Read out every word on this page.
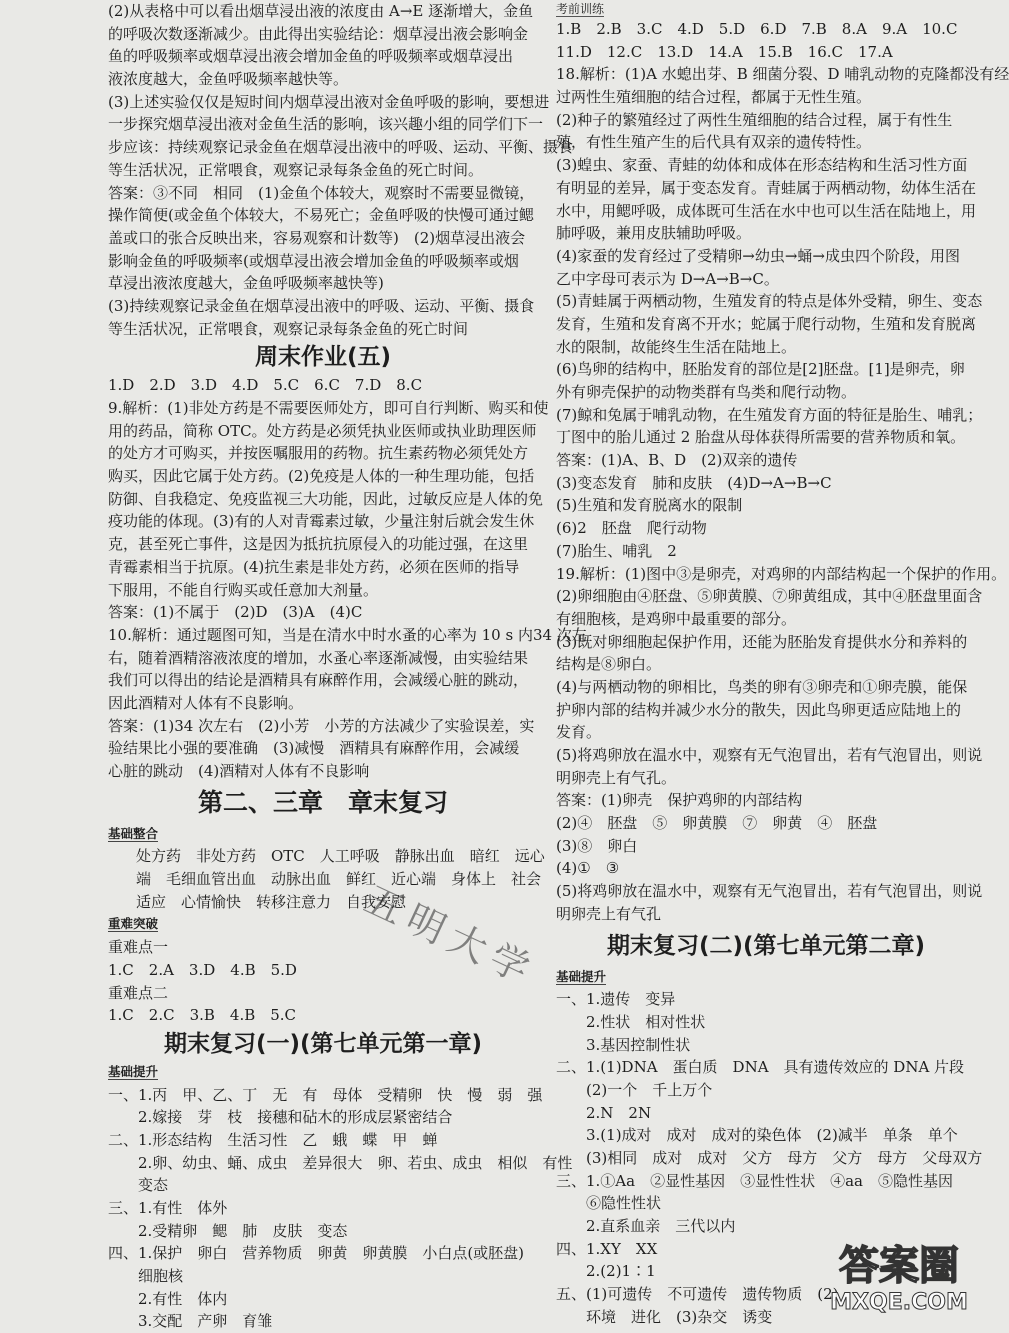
(2)从表格中可以看出烟草浸出液的浓度由 A→E 逐渐增大，金鱼
的呼吸次数逐渐减少。由此得出实验结论：烟草浸出液会影响金
鱼的呼吸频率或烟草浸出液会增加金鱼的呼吸频率或烟草浸出
液浓度越大，金鱼呼吸频率越快等。
(3)上述实验仅仅是短时间内烟草浸出液对金鱼呼吸的影响，要想进
一步探究烟草浸出液对金鱼生活的影响，该兴趣小组的同学们下一
步应该：持续观察记录金鱼在烟草浸出液中的呼吸、运动、平衡、摄食
等生活状况，正常喂食，观察记录每条金鱼的死亡时间。
答案：③不同　相同　(1)金鱼个体较大，观察时不需要显微镜，
操作简便(或金鱼个体较大，不易死亡；金鱼呼吸的快慢可通过鳃
盖或口的张合反映出来，容易观察和计数等)　(2)烟草浸出液会
影响金鱼的呼吸频率(或烟草浸出液会增加金鱼的呼吸频率或烟
草浸出液浓度越大，金鱼呼吸频率越快等)
(3)持续观察记录金鱼在烟草浸出液中的呼吸、运动、平衡、摄食
等生活状况，正常喂食，观察记录每条金鱼的死亡时间
周末作业(五)
1.D　2.D　3.D　4.D　5.C　6.C　7.D　8.C
9.解析：(1)非处方药是不需要医师处方，即可自行判断、购买和使
用的药品，简称 OTC。处方药是必须凭执业医师或执业助理医师
的处方才可购买，并按医嘱服用的药物。抗生素药物必须凭处方
购买，因此它属于处方药。(2)免疫是人体的一种生理功能，包括
防御、自我稳定、免疫监视三大功能，因此，过敏反应是人体的免
疫功能的体现。(3)有的人对青霉素过敏，少量注射后就会发生休
克，甚至死亡事件，这是因为抵抗抗原侵入的功能过强，在这里
青霉素相当于抗原。(4)抗生素是非处方药，必须在医师的指导
下服用，不能自行购买或任意加大剂量。
答案：(1)不属于　(2)D　(3)A　(4)C
10.解析：通过题图可知，当是在清水中时水蚤的心率为 10 s 内34 次左
右，随着酒精溶液浓度的增加，水蚤心率逐渐减慢，由实验结果
我们可以得出的结论是酒精具有麻醉作用，会减缓心脏的跳动，
因此酒精对人体有不良影响。
答案：(1)34 次左右　(2)小芳　小芳的方法减少了实验误差，实
验结果比小强的要准确　(3)减慢　酒精具有麻醉作用，会减缓
心脏的跳动　(4)酒精对人体有不良影响
第二、三章　章末复习
基础整合
处方药　非处方药　OTC　人工呼吸　静脉出血　暗红　远心
端　毛细血管出血　动脉出血　鲜红　近心端　身体上　社会
适应　心情愉快　转移注意力　自我安慰
重难突破
重难点一
1.C　2.A　3.D　4.B　5.D
重难点二
1.C　2.C　3.B　4.B　5.C
期末复习(一)(第七单元第一章)
基础提升
一、1.丙　甲、乙、丁　无　有　母体　受精卵　快　慢　弱　强
　　2.嫁接　芽　枝　接穗和砧木的形成层紧密结合
二、1.形态结构　生活习性　乙　蛾　蝶　甲　蝉
　　2.卵、幼虫、蛹、成虫　差异很大　卵、若虫、成虫　相似　有性
　　变态
三、1.有性　体外
　　2.受精卵　鳃　肺　皮肤　变态
四、1.保护　卵白　营养物质　卵黄　卵黄膜　小白点(或胚盘)
　　细胞核
　　2.有性　体内
　　3.交配　产卵　育雏
五明大学
考前训练
1.B　2.B　3.C　4.D　5.D　6.D　7.B　8.A　9.A　10.C
11.D　12.C　13.D　14.A　15.B　16.C　17.A
18.解析：(1)A 水螅出芽、B 细菌分裂、D 哺乳动物的克隆都没有经
过两性生殖细胞的结合过程，都属于无性生殖。
(2)种子的繁殖经过了两性生殖细胞的结合过程，属于有性生
殖，有性生殖产生的后代具有双亲的遗传特性。
(3)蝗虫、家蚕、青蛙的幼体和成体在形态结构和生活习性方面
有明显的差异，属于变态发育。青蛙属于两栖动物，幼体生活在
水中，用鳃呼吸，成体既可生活在水中也可以生活在陆地上，用
肺呼吸，兼用皮肤辅助呼吸。
(4)家蚕的发育经过了受精卵→幼虫→蛹→成虫四个阶段，用图
乙中字母可表示为 D→A→B→C。
(5)青蛙属于两栖动物，生殖发育的特点是体外受精，卵生、变态
发育，生殖和发育离不开水；蛇属于爬行动物，生殖和发育脱离
水的限制，故能终生生活在陆地上。
(6)鸟卵的结构中，胚胎发育的部位是[2]胚盘。[1]是卵壳，卵
外有卵壳保护的动物类群有鸟类和爬行动物。
(7)鲸和兔属于哺乳动物，在生殖发育方面的特征是胎生、哺乳；
丁图中的胎儿通过 2 胎盘从母体获得所需要的营养物质和氧。
答案：(1)A、B、D　(2)双亲的遗传
(3)变态发育　肺和皮肤　(4)D→A→B→C
(5)生殖和发育脱离水的限制
(6)2　胚盘　爬行动物
(7)胎生、哺乳　2
19.解析：(1)图中③是卵壳，对鸡卵的内部结构起一个保护的作用。
(2)卵细胞由④胚盘、⑤卵黄膜、⑦卵黄组成，其中④胚盘里面含
有细胞核，是鸡卵中最重要的部分。
(3)既对卵细胞起保护作用，还能为胚胎发育提供水分和养料的
结构是⑧卵白。
(4)与两栖动物的卵相比，鸟类的卵有③卵壳和①卵壳膜，能保
护卵内部的结构并减少水分的散失，因此鸟卵更适应陆地上的
发育。
(5)将鸡卵放在温水中，观察有无气泡冒出，若有气泡冒出，则说
明卵壳上有气孔。
答案：(1)卵壳　保护鸡卵的内部结构
(2)④　胚盘　⑤　卵黄膜　⑦　卵黄　④　胚盘
(3)⑧　卵白
(4)①　③
(5)将鸡卵放在温水中，观察有无气泡冒出，若有气泡冒出，则说
明卵壳上有气孔
期末复习(二)(第七单元第二章)
基础提升
一、1.遗传　变异
　　2.性状　相对性状
　　3.基因控制性状
二、1.(1)DNA　蛋白质　DNA　具有遗传效应的 DNA 片段
　　(2)一个　千上万个
　　2.N　2N
　　3.(1)成对　成对　成对的染色体　(2)减半　单条　单个
　　(3)相同　成对　成对　父方　母方　父方　母方　父母双方
三、1.①Aa　②显性基因　③显性性状　④aa　⑤隐性基因
　　⑥隐性性状
　　2.直系血亲　三代以内
四、1.XY　XX
　　2.(2)1∶1
五、(1)可遗传　不可遗传　遗传物质　(2)
　　环境　进化　(3)杂交　诱变
答案圈
MXQE.COM
